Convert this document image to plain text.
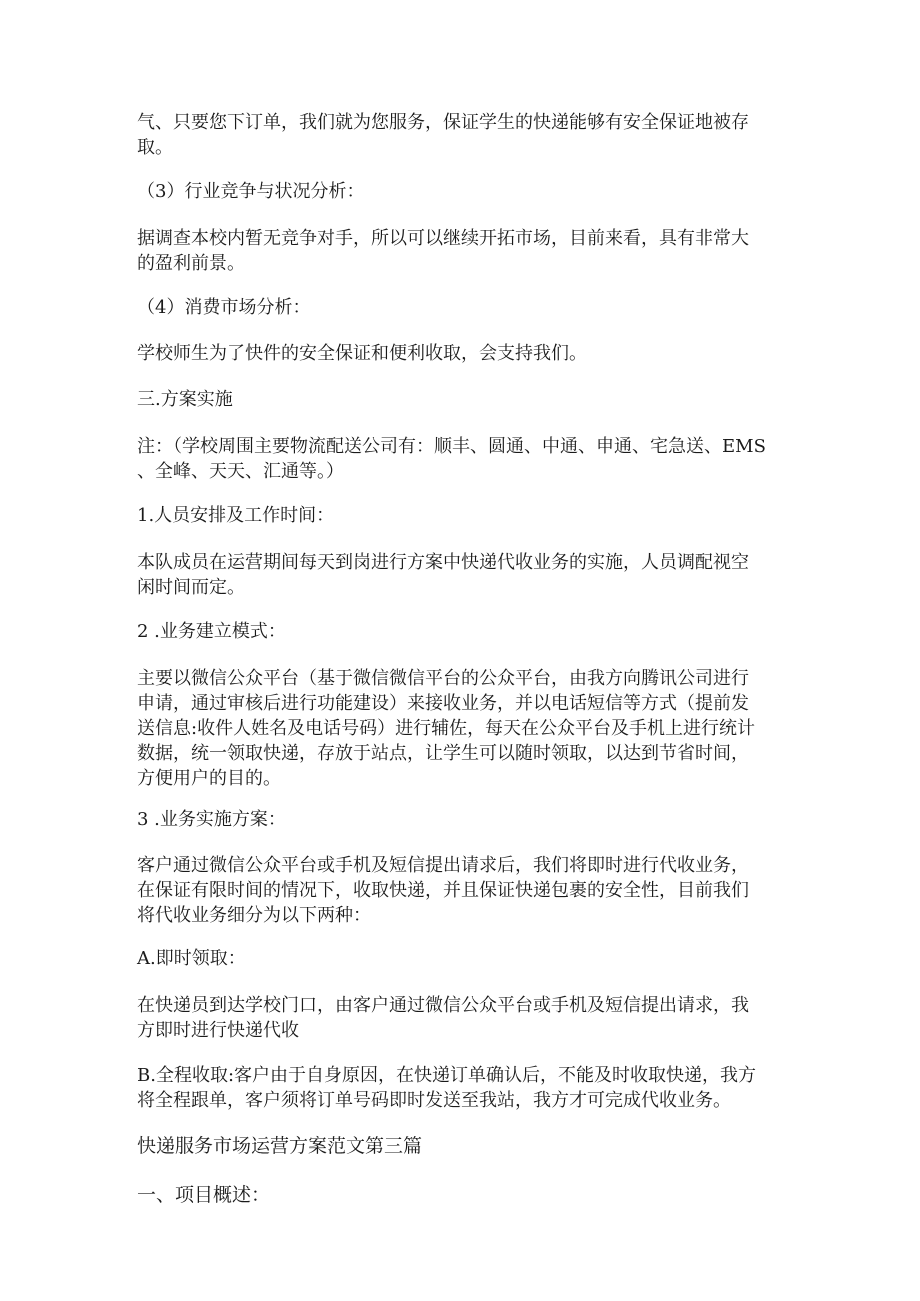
气、只要您下订单，我们就为您服务，保证学生的快递能够有安全保证地被存
取。

（3）行业竞争与状况分析：

据调查本校内暂无竞争对手，所以可以继续开拓市场，目前来看，具有非常大
的盈利前景。

（4）消费市场分析：

学校师生为了快件的安全保证和便利收取，会支持我们。

三.方案实施

注：（学校周围主要物流配送公司有：顺丰、圆通、中通、申通、宅急送、EMS
、全峰、天天、汇通等。）

1.人员安排及工作时间：

本队成员在运营期间每天到岗进行方案中快递代收业务的实施，人员调配视空
闲时间而定。

2 .业务建立模式：

主要以微信公众平台（基于微信微信平台的公众平台，由我方向腾讯公司进行
申请，通过审核后进行功能建设）来接收业务，并以电话短信等方式（提前发
送信息:收件人姓名及电话号码）进行辅佐，每天在公众平台及手机上进行统计
数据，统一领取快递，存放于站点，让学生可以随时领取，以达到节省时间，
方便用户的目的。

3 .业务实施方案：

客户通过微信公众平台或手机及短信提出请求后，我们将即时进行代收业务，
在保证有限时间的情况下，收取快递，并且保证快递包裹的安全性，目前我们
将代收业务细分为以下两种：

A.即时领取：

在快递员到达学校门口，由客户通过微信公众平台或手机及短信提出请求，我
方即时进行快递代收

B.全程收取:客户由于自身原因，在快递订单确认后，不能及时收取快递，我方
将全程跟单，客户须将订单号码即时发送至我站，我方才可完成代收业务。

快递服务市场运营方案范文第三篇

一、项目概述：
